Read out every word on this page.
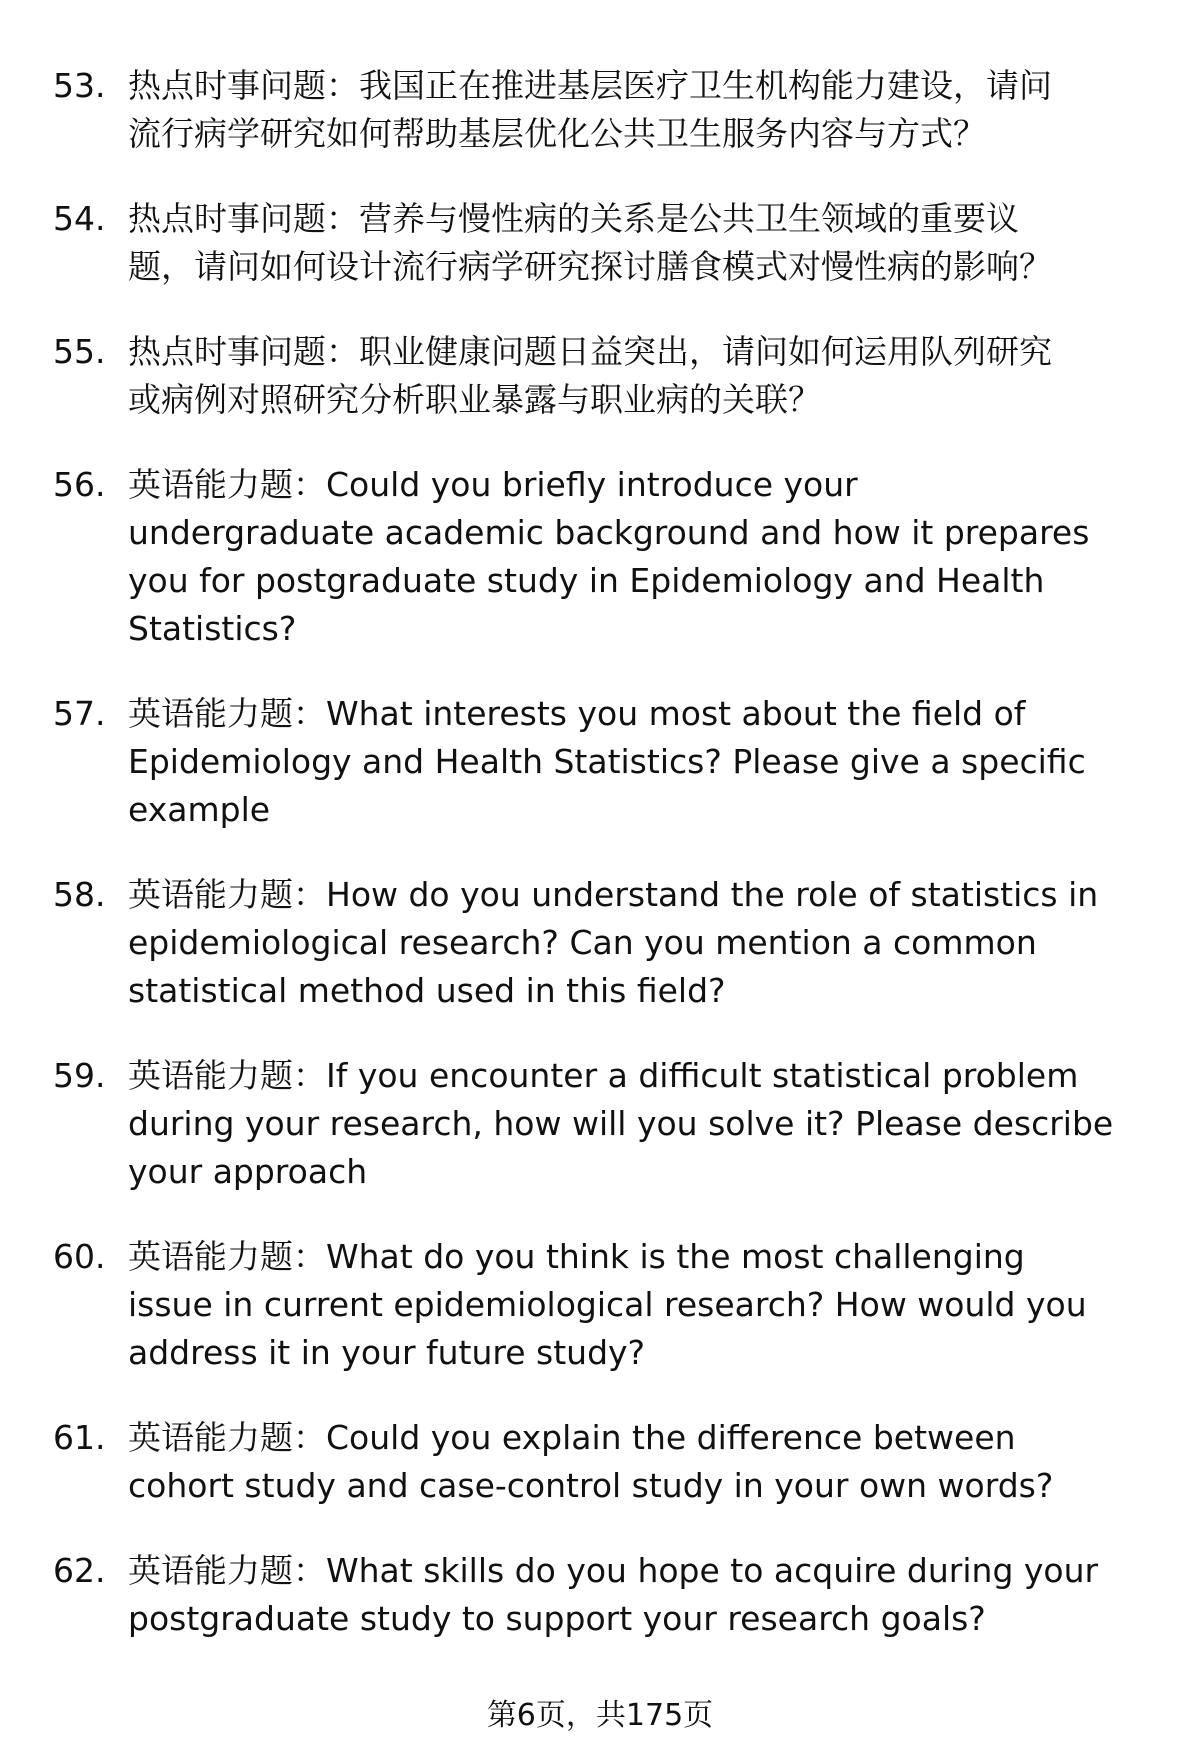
53. 热点时事问题：我国正在推进基层医疗卫生机构能力建设，请问
流行病学研究如何帮助基层优化公共卫生服务内容与方式？
54. 热点时事问题：营养与慢性病的关系是公共卫生领域的重要议
题，请问如何设计流行病学研究探讨膳食模式对慢性病的影响？
55. 热点时事问题：职业健康问题日益突出，请问如何运用队列研究
或病例对照研究分析职业暴露与职业病的关联？
56. 英语能力题：Could you briefly introduce your
undergraduate academic background and how it prepares
you for postgraduate study in Epidemiology and Health
Statistics?
57. 英语能力题：What interests you most about the field of
Epidemiology and Health Statistics? Please give a specific
example
58. 英语能力题：How do you understand the role of statistics in
epidemiological research? Can you mention a common
statistical method used in this field?
59. 英语能力题：If you encounter a difficult statistical problem
during your research, how will you solve it? Please describe
your approach
60. 英语能力题：What do you think is the most challenging
issue in current epidemiological research? How would you
address it in your future study?
61. 英语能力题：Could you explain the difference between
cohort study and case-control study in your own words?
62. 英语能力题：What skills do you hope to acquire during your
postgraduate study to support your research goals?
第6页，共175页
